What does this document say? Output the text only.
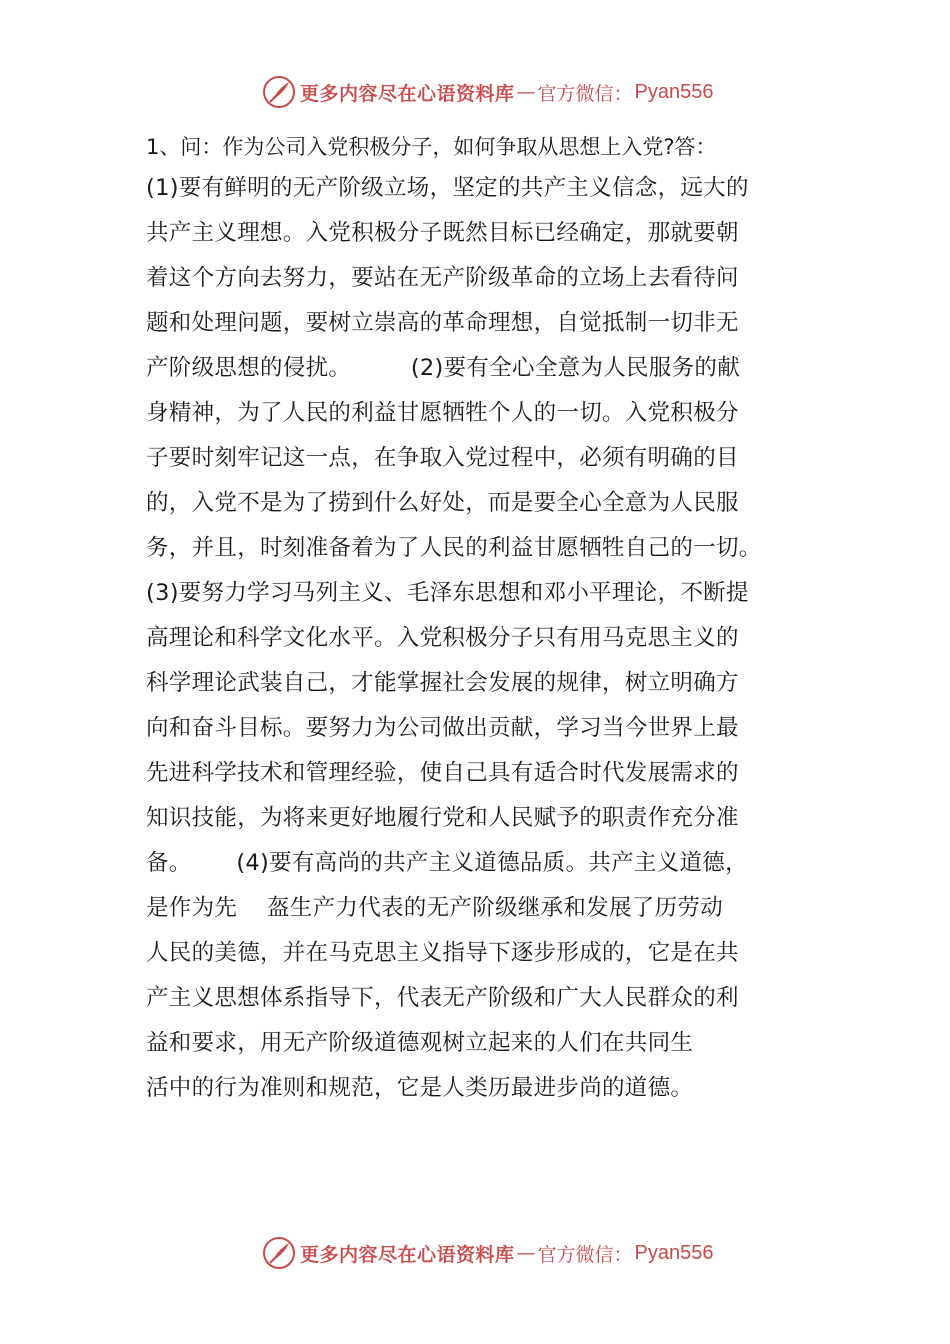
更多内容尽在心语资料库 — 官方微信： Pyan556
1、问：作为公司入党积极分子，如何争取从思想上入党?答：
(1)要有鲜明的无产阶级立场，坚定的共产主义信念，远大的
共产主义理想。入党积极分子既然目标已经确定，那就要朝
着这个方向去努力，要站在无产阶级革命的立场上去看待问
题和处理问题，要树立崇高的革命理想，自觉抵制一切非无
产阶级思想的侵扰。        (2)要有全心全意为人民服务的献
身精神，为了人民的利益甘愿牺牲个人的一切。入党积极分
子要时刻牢记这一点，在争取入党过程中，必须有明确的目
的，入党不是为了捞到什么好处，而是要全心全意为人民服
务，并且，时刻准备着为了人民的利益甘愿牺牲自己的一切。
(3)要努力学习马列主义、毛泽东思想和邓小平理论，不断提
高理论和科学文化水平。入党积极分子只有用马克思主义的
科学理论武装自己，才能掌握社会发展的规律，树立明确方
向和奋斗目标。要努力为公司做出贡献，学习当今世界上最
先进科学技术和管理经验，使自己具有适合时代发展需求的
知识技能，为将来更好地履行党和人民赋予的职责作充分准
备。      (4)要有高尚的共产主义道德品质。共产主义道德，
是作为先    盔生产力代表的无产阶级继承和发展了历劳动
人民的美德，并在马克思主义指导下逐步形成的，它是在共
产主义思想体系指导下，代表无产阶级和广大人民群众的利
益和要求，用无产阶级道德观树立起来的人们在共同生
活中的行为准则和规范，它是人类历最进步尚的道德。
更多内容尽在心语资料库 — 官方微信： Pyan556
